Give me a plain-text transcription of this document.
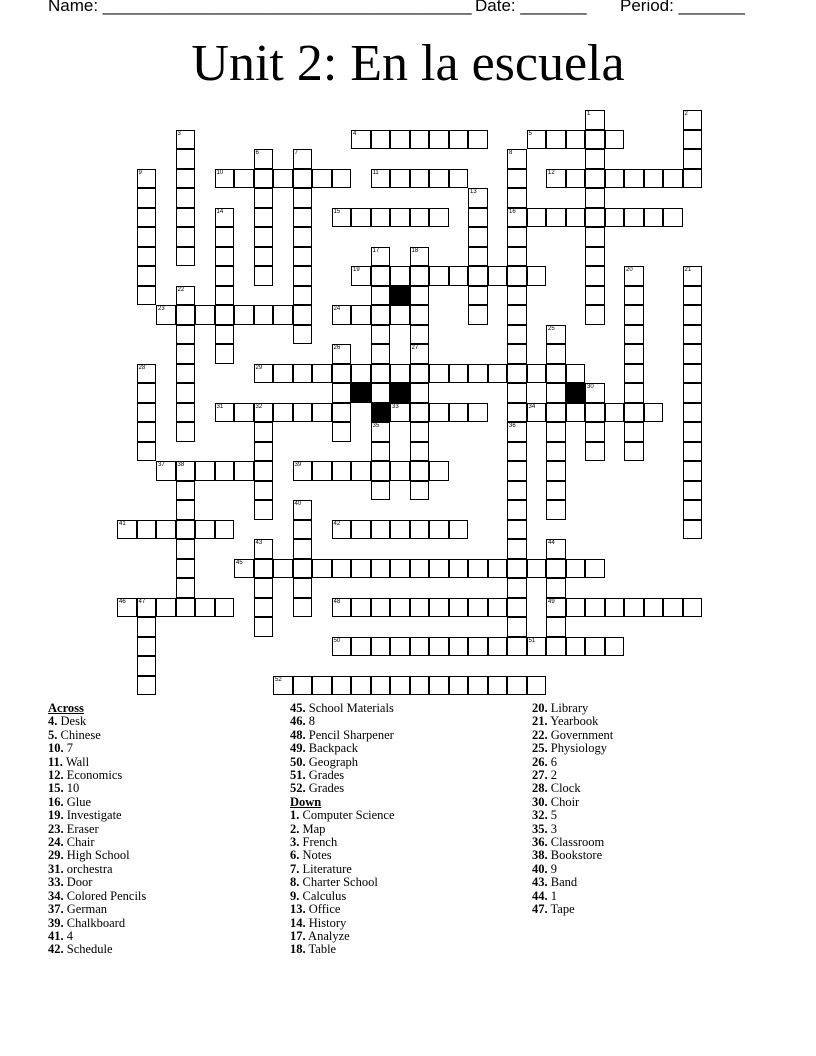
Name: _______________________________________

Date: _______

Period: _______

Unit 2: En la escuela
1	2
3	4	5
6	7	8
16
36
9	10	11	12
13
14	15
17
35
18
27
19	20	21
22
23	24
25
26
28	29
30
31	32	33	34
37 38	39
40
41	42
43	44
49
45
46 47	48
50	51
52
Across
4. Desk
5. Chinese
10. 7
11. Wall
12. Economics
15. 10
16. Glue
19. Investigate
23. Eraser
24. Chair
29. High School
31. orchestra
33. Door
34. Colored Pencils
37. German
39. Chalkboard
41. 4
42. Schedule
45. School Materials
46. 8
48. Pencil Sharpener
49. Backpack
50. Geograph
51. Grades
52. Grades
Down
1. Computer Science
2. Map
3. French
6. Notes
7. Literature
8. Charter School
9. Calculus
13. Office
14. History
17. Analyze
18. Table
20. Library
21. Yearbook
22. Government
25. Physiology
26. 6
27. 2
28. Clock
30. Choir
32. 5
35. 3
36. Classroom
38. Bookstore
40. 9
43. Band
44. 1
47. Tape
